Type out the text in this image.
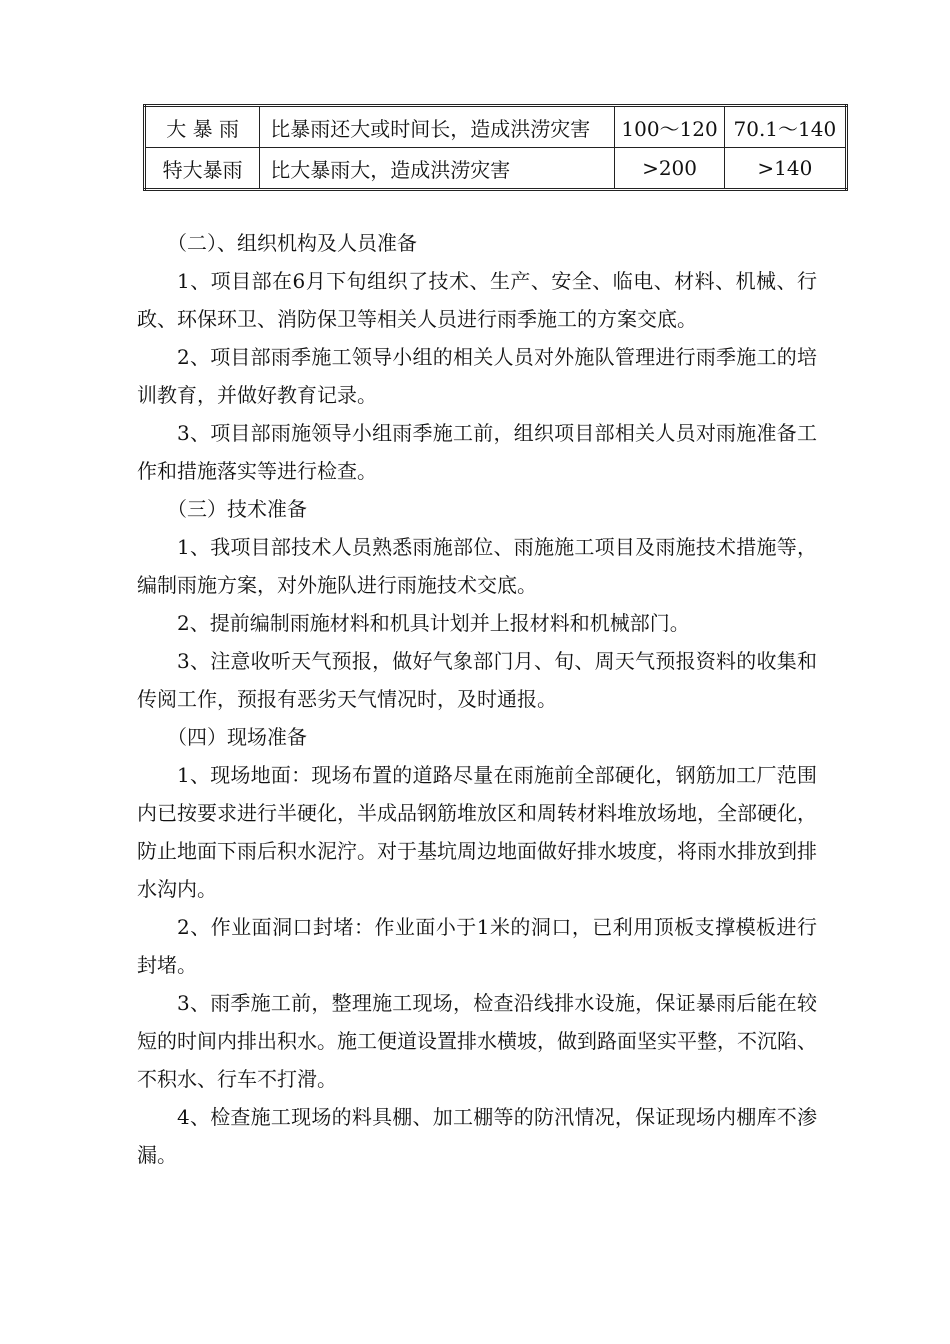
大 暴 雨	比暴雨还大或时间长，造成洪涝灾害	100～120	70.1～140
特大暴雨	比大暴雨大，造成洪涝灾害	>200	>140

（二）、组织机构及人员准备

1、项目部在6月下旬组织了技术、生产、安全、临电、材料、机械、行政、环保环卫、消防保卫等相关人员进行雨季施工的方案交底。

2、项目部雨季施工领导小组的相关人员对外施队管理进行雨季施工的培训教育，并做好教育记录。

3、项目部雨施领导小组雨季施工前，组织项目部相关人员对雨施准备工作和措施落实等进行检查。

（三）技术准备

1、我项目部技术人员熟悉雨施部位、雨施施工项目及雨施技术措施等，编制雨施方案，对外施队进行雨施技术交底。

2、提前编制雨施材料和机具计划并上报材料和机械部门。

3、注意收听天气预报，做好气象部门月、旬、周天气预报资料的收集和传阅工作，预报有恶劣天气情况时，及时通报。

（四）现场准备

1、现场地面：现场布置的道路尽量在雨施前全部硬化，钢筋加工厂范围内已按要求进行半硬化，半成品钢筋堆放区和周转材料堆放场地，全部硬化，防止地面下雨后积水泥泞。对于基坑周边地面做好排水坡度，将雨水排放到排水沟内。

2、作业面洞口封堵：作业面小于1米的洞口，已利用顶板支撑模板进行封堵。

3、雨季施工前，整理施工现场，检查沿线排水设施，保证暴雨后能在较短的时间内排出积水。施工便道设置排水横坡，做到路面坚实平整，不沉陷、不积水、行车不打滑。

4、检查施工现场的料具棚、加工棚等的防汛情况，保证现场内棚库不渗漏。
